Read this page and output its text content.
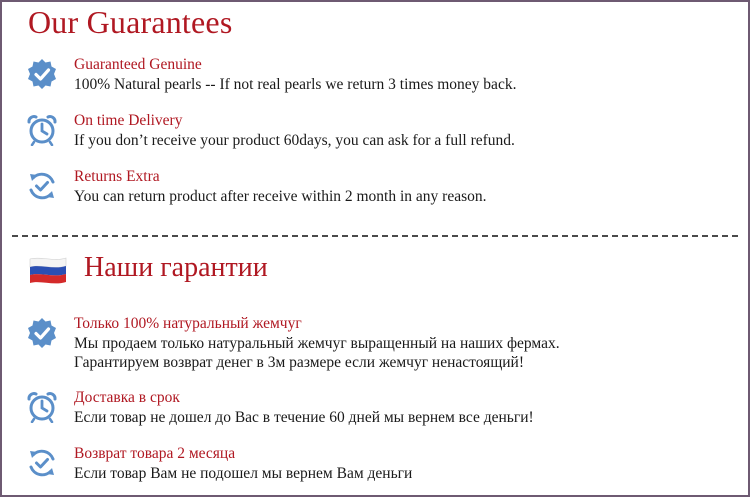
Our Guarantees
Guaranteed Genuine
100% Natural pearls -- If not real pearls we return 3 times money back.
On time Delivery
If you don’t receive your product 60days, you can ask for a full refund.
Returns Extra
You can return product after receive within 2 month in any reason.
Наши гарантии
Только 100% натуральный жемчуг
Мы продаем только натуральный жемчуг выращенный на наших фермах.
Гарантируем возврат денег в 3м размере если жемчуг ненастоящий!
Доставка в срок
Если товар не дошел до Вас в течение 60 дней мы вернем все деньги!
Возврат товара 2 месяца
Если товар Вам не подошел мы вернем Вам деньги
